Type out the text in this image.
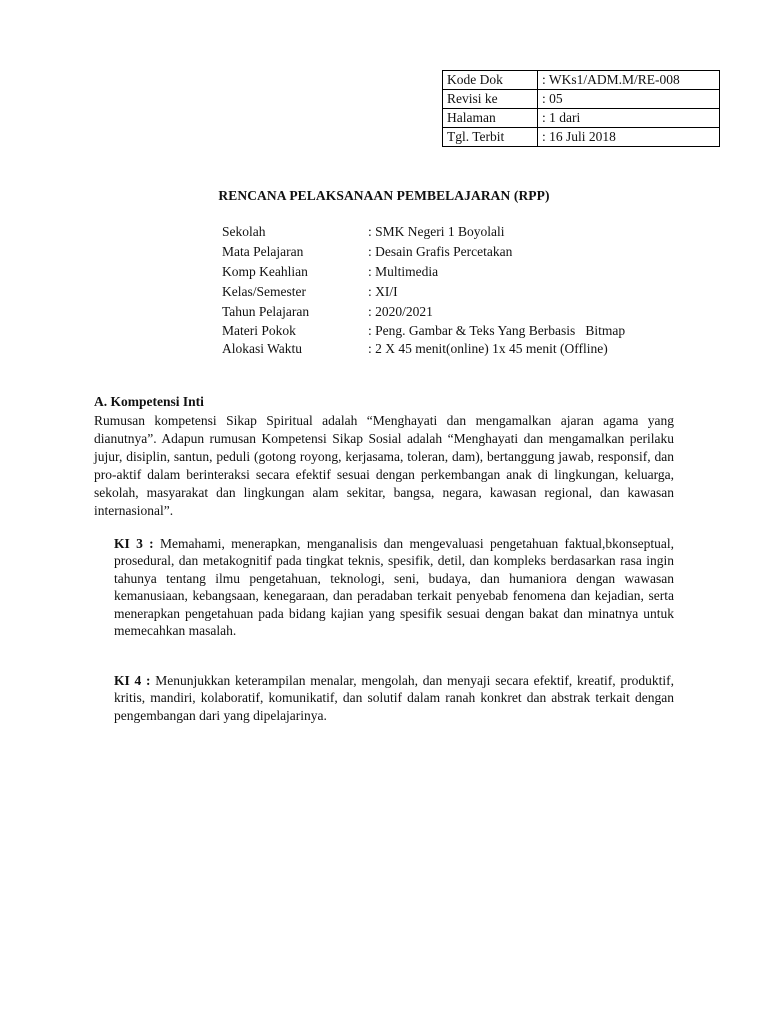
Kode Dok	: WKs1/ADM.M/RE-008
Revisi ke	: 05
Halaman	: 1 dari
Tgl. Terbit	: 16 Juli 2018
RENCANA PELAKSANAAN PEMBELAJARAN (RPP)
Sekolah	: SMK Negeri 1 Boyolali
Mata Pelajaran	: Desain Grafis Percetakan
Komp Keahlian	: Multimedia
Kelas/Semester	: XI/I
Tahun Pelajaran	: 2020/2021
Materi Pokok	: Peng. Gambar & Teks Yang Berbasis   Bitmap
Alokasi Waktu	: 2 X 45 menit(online) 1x 45 menit (Offline)
A. Kompetensi Inti

Rumusan kompetensi Sikap Spiritual adalah “Menghayati dan mengamalkan ajaran agama yang dianutnya”. Adapun rumusan Kompetensi Sikap Sosial adalah “Menghayati dan mengamalkan perilaku jujur, disiplin, santun, peduli (gotong royong, kerjasama, toleran, dam), bertanggung jawab, responsif, dan pro-aktif dalam berinteraksi secara efektif sesuai dengan perkembangan anak di lingkungan, keluarga, sekolah, masyarakat dan lingkungan alam sekitar, bangsa, negara, kawasan regional, dan kawasan internasional”.

KI 3 : Memahami, menerapkan, menganalisis dan mengevaluasi pengetahuan faktual,bkonseptual, prosedural, dan metakognitif pada tingkat teknis, spesifik, detil, dan kompleks berdasarkan rasa ingin tahunya tentang ilmu pengetahuan, teknologi, seni, budaya, dan humaniora dengan wawasan kemanusiaan, kebangsaan, kenegaraan, dan peradaban terkait penyebab fenomena dan kejadian, serta menerapkan pengetahuan pada bidang kajian yang spesifik sesuai dengan bakat dan minatnya untuk memecahkan masalah.

KI 4 : Menunjukkan keterampilan menalar, mengolah, dan menyaji secara efektif, kreatif, produktif, kritis, mandiri, kolaboratif, komunikatif, dan solutif dalam ranah konkret dan abstrak terkait dengan pengembangan dari yang dipelajarinya.
